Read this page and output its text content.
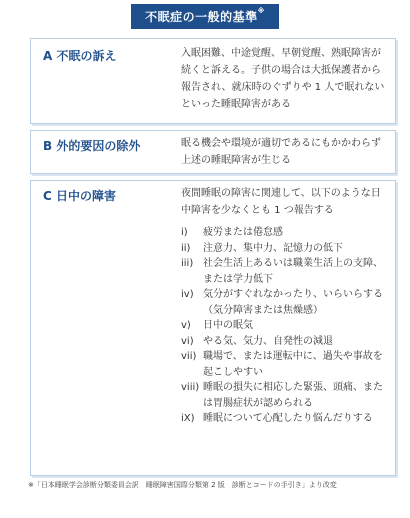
不眠症の一般的基準※
A 不眠の訴え	入眠困難、中途覚醒、早朝覚醒、熟眠障害が続くと訴える。子供の場合は大抵保護者から報告され、就床時のぐずりや 1 人で眠れないといった睡眠障害がある
B 外的要因の除外	眠る機会や環境が適切であるにもかかわらず上述の睡眠障害が生じる
C 日中の障害	夜間睡眠の障害に関連して、以下のような日中障害を少なくとも 1 つ報告する
i)	疲労または倦怠感
ii)	注意力、集中力、記憶力の低下
iii) 社会生活上あるいは職業生活上の支障、または学力低下
iv) 気分がすぐれなかったり、いらいらする（気分障害または焦燥感）
v)	日中の眠気
vi) やる気、気力、自発性の減退
vii) 職場で、または運転中に、過失や事故を起こしやすい
viii) 睡眠の損失に相応した緊張、頭痛、または胃腸症状が認められる
iX) 睡眠について心配したり悩んだりする
※「日本睡眠学会診断分類委員会訳　睡眠障害国際分類第 2 版　診断とコードの手引き」より改変
